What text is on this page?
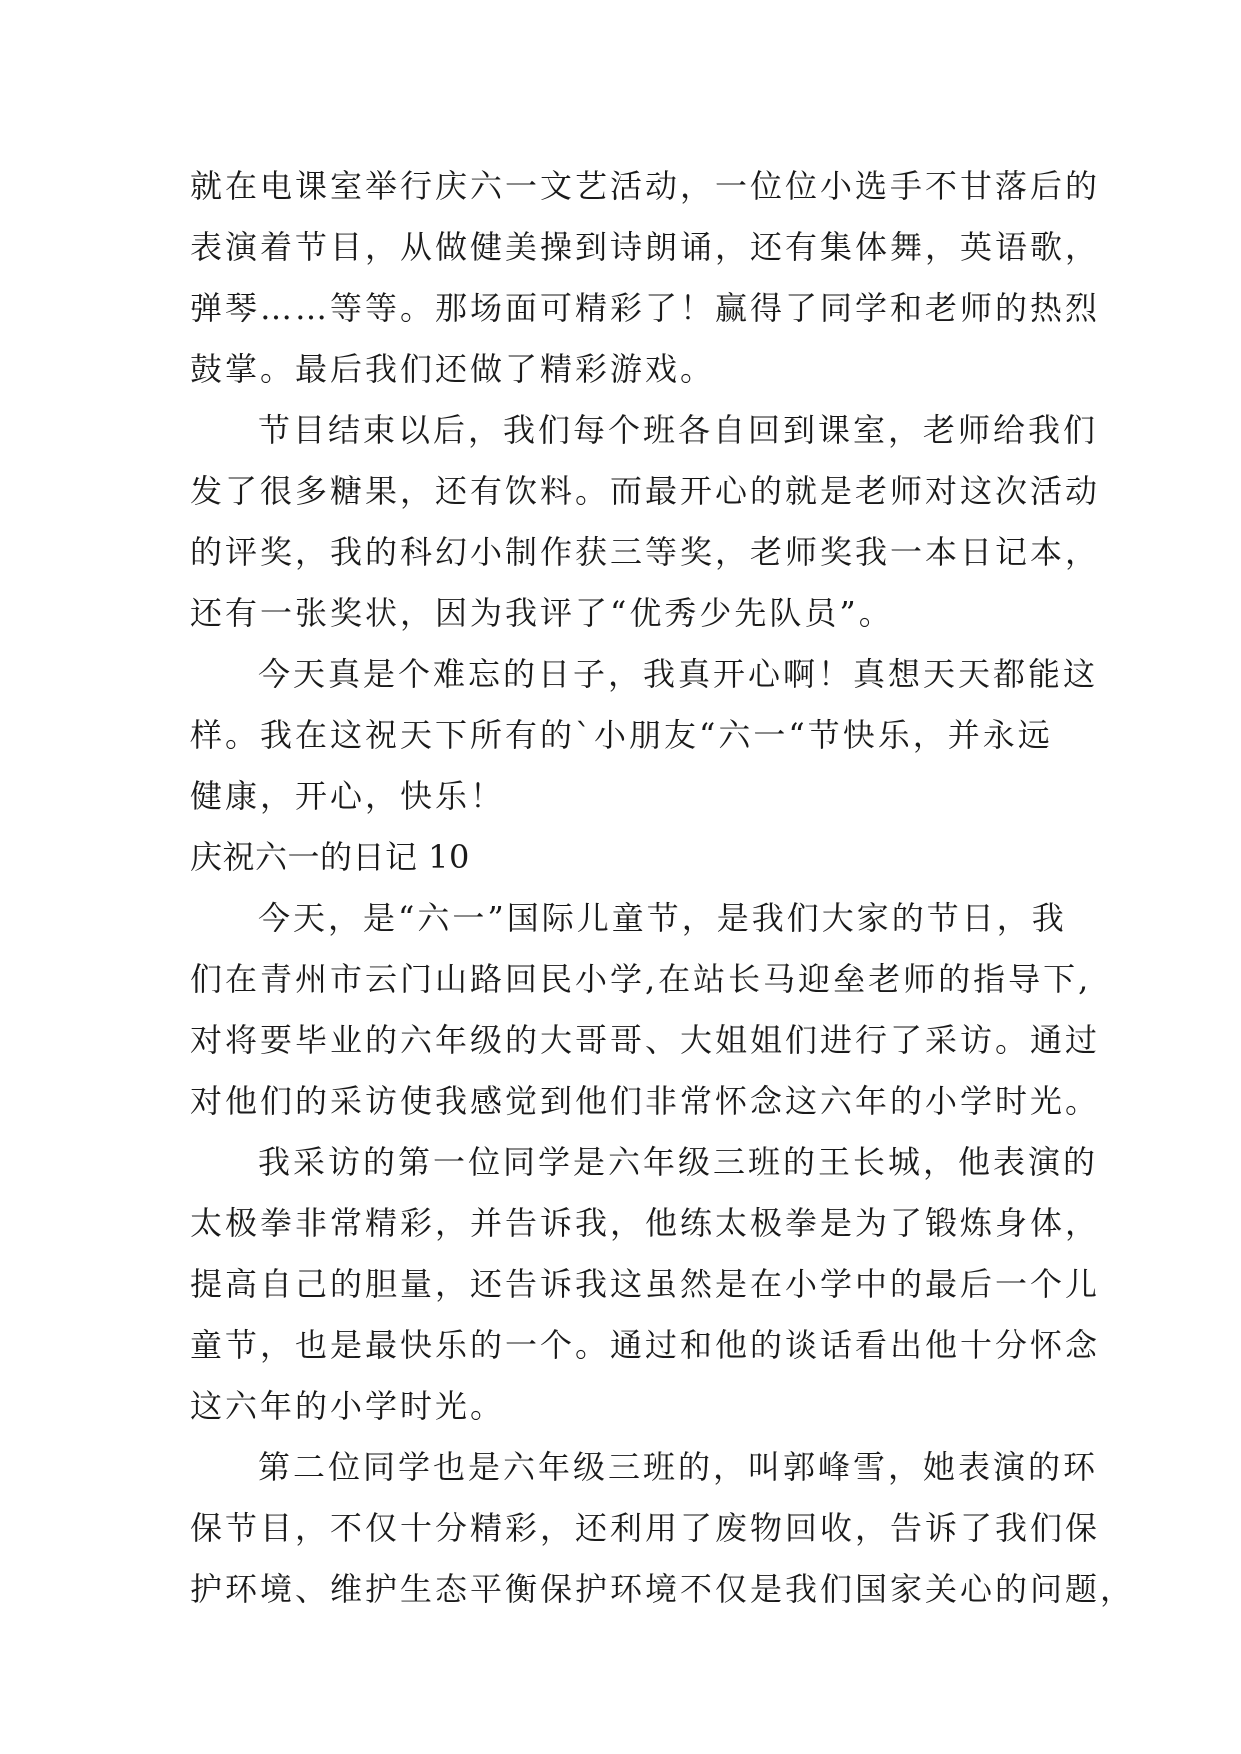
就在电课室举行庆六一文艺活动，一位位小选手不甘落后的
表演着节目，从做健美操到诗朗诵，还有集体舞，英语歌，
弹琴……等等。那场面可精彩了！赢得了同学和老师的热烈
鼓掌。最后我们还做了精彩游戏。

节目结束以后，我们每个班各自回到课室，老师给我们
发了很多糖果，还有饮料。而最开心的就是老师对这次活动
的评奖，我的科幻小制作获三等奖，老师奖我一本日记本，
还有一张奖状，因为我评了“优秀少先队员”。

今天真是个难忘的日子，我真开心啊！真想天天都能这
样。我在这祝天下所有的`小朋友“六一“节快乐，并永远
健康，开心，快乐！

庆祝六一的日记 10

今天，是“六一”国际儿童节，是我们大家的节日，我
们在青州市云门山路回民小学,在站长马迎垒老师的指导下,
对将要毕业的六年级的大哥哥、大姐姐们进行了采访。通过
对他们的采访使我感觉到他们非常怀念这六年的小学时光。

我采访的第一位同学是六年级三班的王长城，他表演的
太极拳非常精彩，并告诉我，他练太极拳是为了锻炼身体，
提高自己的胆量，还告诉我这虽然是在小学中的最后一个儿
童节，也是最快乐的一个。通过和他的谈话看出他十分怀念
这六年的小学时光。

第二位同学也是六年级三班的，叫郭峰雪，她表演的环
保节目，不仅十分精彩，还利用了废物回收，告诉了我们保
护环境、维护生态平衡保护环境不仅是我们国家关心的问题，
